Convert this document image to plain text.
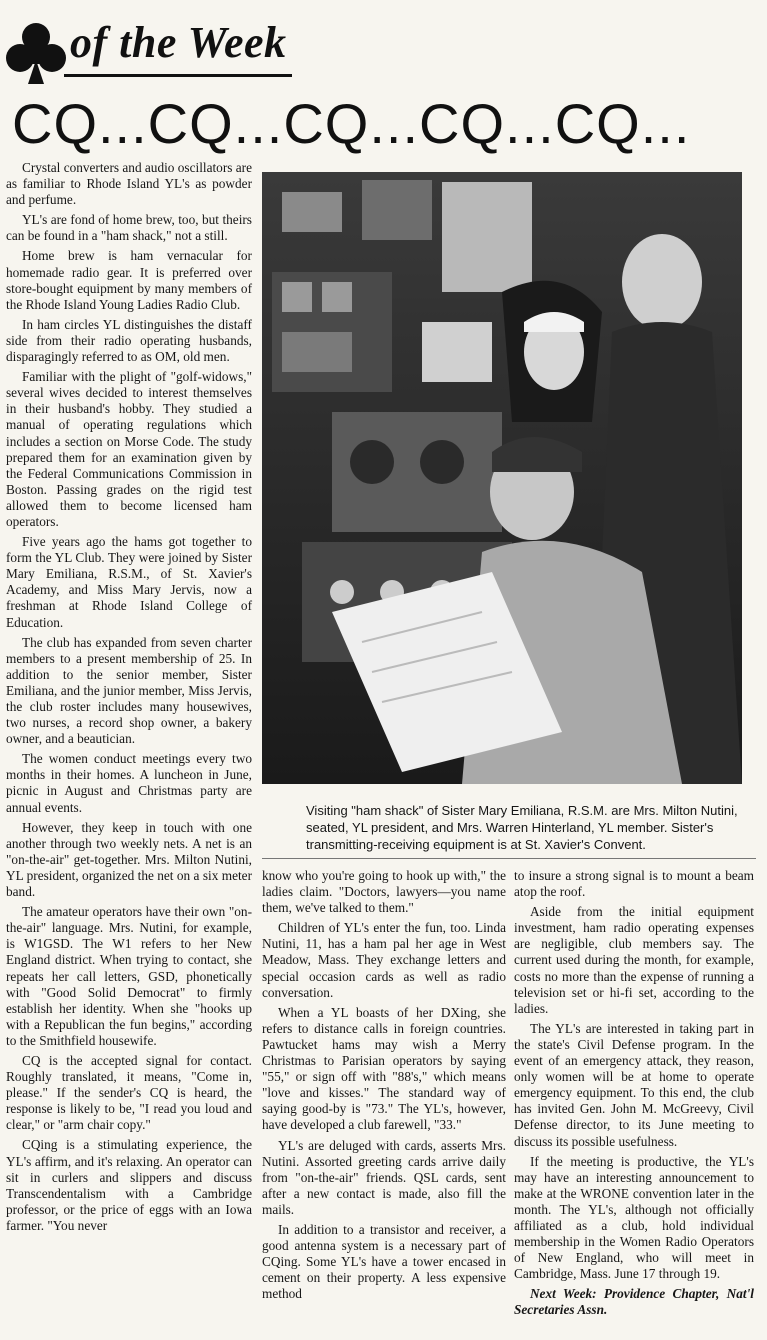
of the Week
CQ...CQ...CQ...CQ...CQ...

Crystal converters and audio oscillators are as familiar to Rhode Island YL's as powder and perfume.

YL's are fond of home brew, too, but theirs can be found in a "ham shack," not a still.

Home brew is ham vernacular for homemade radio gear. It is preferred over store-bought equipment by many members of the Rhode Island Young Ladies Radio Club.

In ham circles YL distinguishes the distaff side from their radio operating husbands, disparagingly referred to as OM, old men.

Familiar with the plight of "golf-widows," several wives decided to interest themselves in their husband's hobby. They studied a manual of operating regulations which includes a section on Morse Code. The study prepared them for an examination given by the Federal Communications Commission in Boston. Passing grades on the rigid test allowed them to become licensed ham operators.

Five years ago the hams got together to form the YL Club. They were joined by Sister Mary Emiliana, R.S.M., of St. Xavier's Academy, and Miss Mary Jervis, now a freshman at Rhode Island College of Education.

The club has expanded from seven charter members to a present membership of 25. In addition to the senior member, Sister Emiliana, and the junior member, Miss Jervis, the club roster includes many housewives, two nurses, a record shop owner, a bakery owner, and a beautician.

The women conduct meetings every two months in their homes. A luncheon in June, picnic in August and Christmas party are annual events.

However, they keep in touch with one another through two weekly nets. A net is an "on-the-air" get-together. Mrs. Milton Nutini, YL president, organized the net on a six meter band.

The amateur operators have their own "on-the-air" language. Mrs. Nutini, for example, is W1GSD. The W1 refers to her New England district. When trying to contact, she repeats her call letters, GSD, phonetically with "Good Solid Democrat" to firmly establish her identity. When she "hooks up with a Republican the fun begins," according to the Smithfield housewife.

CQ is the accepted signal for contact. Roughly translated, it means, "Come in, please." If the sender's CQ is heard, the response is likely to be, "I read you loud and clear," or "arm chair copy."

CQing is a stimulating experience, the YL's affirm, and it's relaxing. An operator can sit in curlers and slippers and discuss Transcendentalism with a Cambridge professor, or the price of eggs with an Iowa farmer. "You never

Visiting "ham shack" of Sister Mary Emiliana, R.S.M. are Mrs. Milton Nutini, seated, YL president, and Mrs. Warren Hinterland, YL member. Sister's transmitting-receiving equipment is at St. Xavier's Convent.

know who you're going to hook up with," the ladies claim. "Doctors, lawyers—you name them, we've talked to them."

Children of YL's enter the fun, too. Linda Nutini, 11, has a ham pal her age in West Meadow, Mass. They exchange letters and special occasion cards as well as radio conversation.

When a YL boasts of her DXing, she refers to distance calls in foreign countries. Pawtucket hams may wish a Merry Christmas to Parisian operators by saying "55," or sign off with "88's," which means "love and kisses." The standard way of saying good-by is "73." The YL's, however, have developed a club farewell, "33."

YL's are deluged with cards, asserts Mrs. Nutini. Assorted greeting cards arrive daily from "on-the-air" friends. QSL cards, sent after a new contact is made, also fill the mails.

In addition to a transistor and receiver, a good antenna system is a necessary part of CQing. Some YL's have a tower encased in cement on their property. A less expensive method

to insure a strong signal is to mount a beam atop the roof.

Aside from the initial equipment investment, ham radio operating expenses are negligible, club members say. The current used during the month, for example, costs no more than the expense of running a television set or hi-fi set, according to the ladies.

The YL's are interested in taking part in the state's Civil Defense program. In the event of an emergency attack, they reason, only women will be at home to operate emergency equipment. To this end, the club has invited Gen. John M. McGreevy, Civil Defense director, to its June meeting to discuss its possible usefulness.

If the meeting is productive, the YL's may have an interesting announcement to make at the WRONE convention later in the month. The YL's, although not officially affiliated as a club, hold individual membership in the Women Radio Operators of New England, who will meet in Cambridge, Mass. June 17 through 19.

Next Week: Providence Chapter, Nat'l Secretaries Assn.
